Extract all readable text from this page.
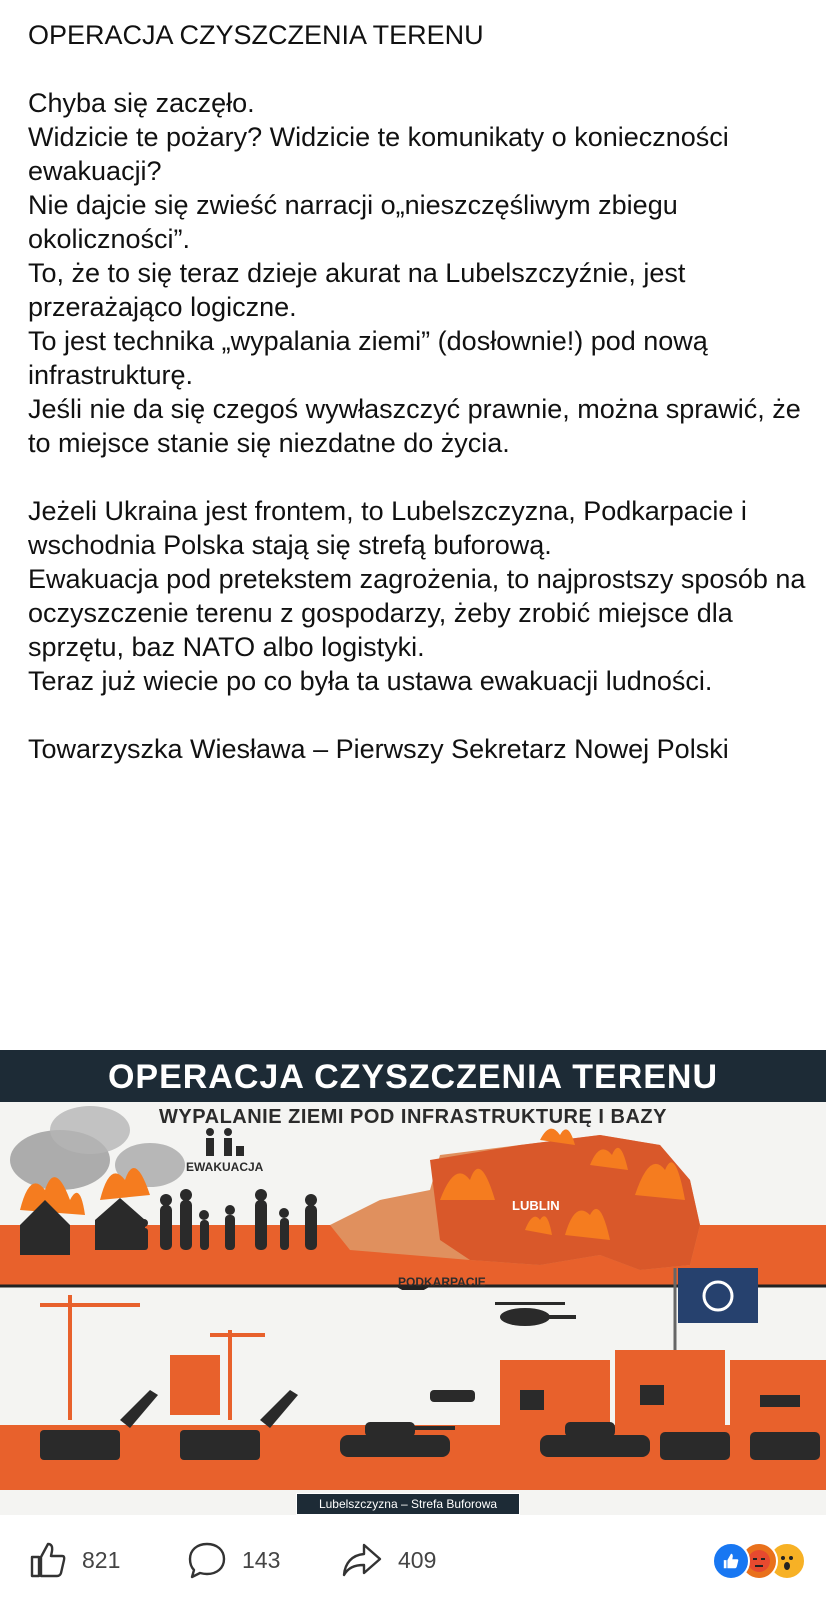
OPERACJA CZYSZCZENIA TERENU

Chyba się zaczęło.

Widzicie te pożary? Widzicie te komunikaty o konieczności ewakuacji?

Nie dajcie się zwieść narracji o„nieszczęśliwym zbiegu okoliczności”.

To, że to się teraz dzieje akurat na Lubelszczyźnie, jest przerażająco logiczne.

To jest technika „wypalania ziemi” (dosłownie!) pod nową infrastrukturę.

Jeśli nie da się czegoś wywłaszczyć prawnie, można sprawić, że to miejsce stanie się niezdatne do życia.

Jeżeli Ukraina jest frontem, to Lubelszczyzna, Podkarpacie i wschodnia Polska stają się strefą buforową.

Ewakuacja pod pretekstem zagrożenia, to najprostszy sposób na oczyszczenie terenu z gospodarzy, żeby zrobić miejsce dla sprzętu, baz NATO albo logistyki.

Teraz już wiecie po co była ta ustawa ewakuacji ludności.

Towarzyszka Wiesława – Pierwszy Sekretarz Nowej Polski

OPERACJA CZYSZCZENIA TERENU
WYPALANIE ZIEMI POD INFRASTRUKTURĘ I BAZY
EWAKUACJA
LUBLIN
PODKARPACIE
Lubelszczyzna – Strefa Buforowa
821	143	409
